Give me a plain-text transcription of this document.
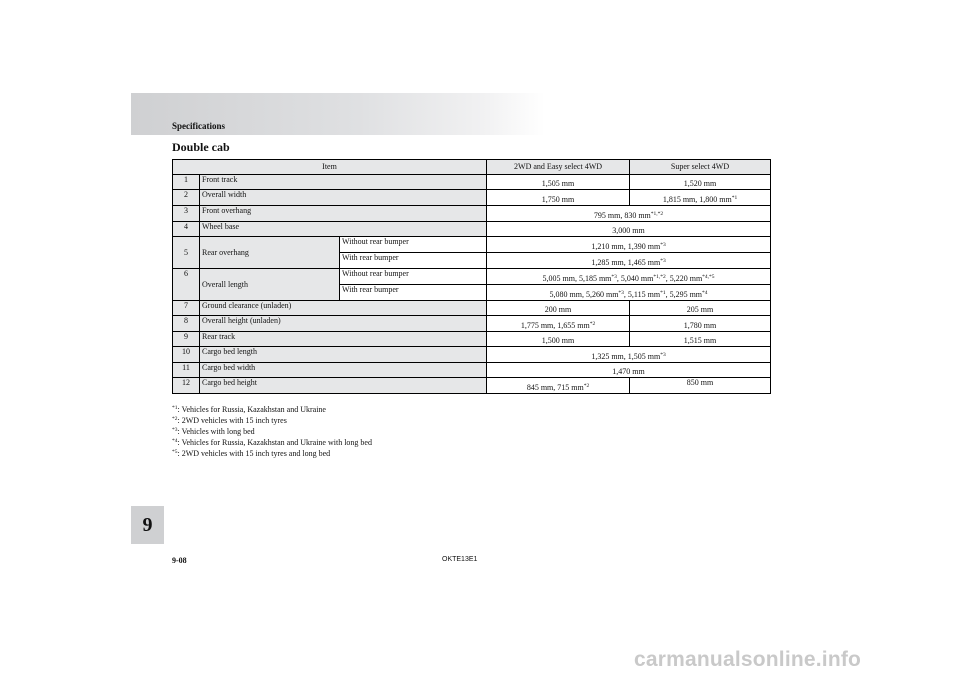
Specifications
Double cab
Item			2WD and Easy select 4WD	Super select 4WD
1	Front track		1,505 mm	1,520 mm
2	Overall width		1,750 mm	1,815 mm, 1,800 $mm^{*1}$
3	Front overhang		795 mm, 830 $mm^{*1,*2}$
4	Wheel base		3,000 mm	
5	Rear overhang	Without rear bumper	1,210 mm, 1,390 $mm^{*3}$
		With rear bumper	1,285 mm, 1,465 $mm^{*3}$
6	Overall length	Without rear bumper	5,005 mm, 5,185 $mm^{*3}$, 5,040 $mm^{*1,*2}$, 5,220 $mm^{*4,*5}$
		With rear bumper	5,080 mm, 5,260 $mm^{*3}$, 5,115 $mm^{*1}$, 5,295 $mm^{*4}$
7	Ground clearance (unladen)		200 mm	205 mm
8	Overall height (unladen)		1,775 mm, 1,655 $mm^{*2}$	1,780 mm
9	Rear track		1,500 mm	1,515 mm
10	Cargo bed length		1,325 mm, 1,505 $mm^{*3}$
11	Cargo bed width		1,470 mm	
12	Cargo bed height		845 mm, 715 $mm^{*2}$	850 mm
$^{*1}$: Vehicles for Russia, Kazakhstan and Ukraine
$^{*2}$: 2WD vehicles with 15 inch tyres
$^{*3}$: Vehicles with long bed
$^{*4}$: Vehicles for Russia, Kazakhstan and Ukraine with long bed
$^{*5}$: 2WD vehicles with 15 inch tyres and long bed
9
9-08	OKTE13E1
carmanualsonline.info
